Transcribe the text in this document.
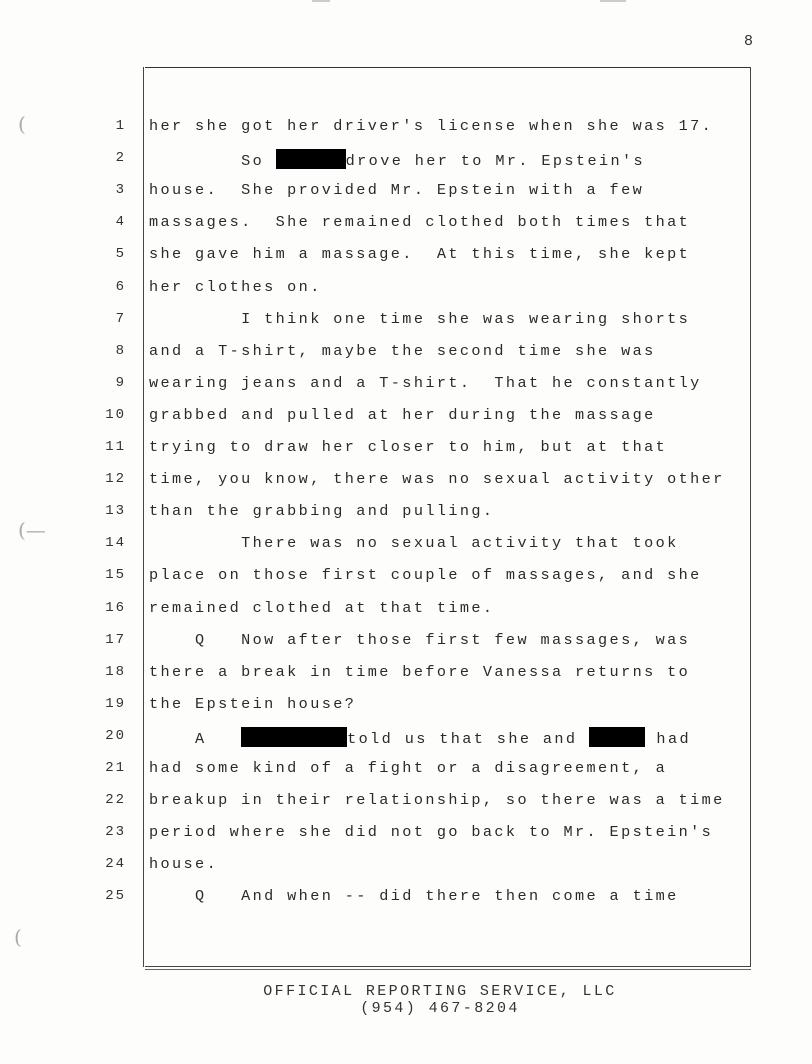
8
(
(—
(
1 her she got her driver's license when she was 17.
2 So	drove her to Mr. Epstein's
3 house.  She provided Mr. Epstein with a few
4 massages.  She remained clothed both times that
5 she gave him a massage.  At this time, she kept
6 her clothes on.
7 I think one time she was wearing shorts
8 and a T-shirt, maybe the second time she was
9 wearing jeans and a T-shirt.  That he constantly
10 grabbed and pulled at her during the massage
11 trying to draw her closer to him, but at that
12 time, you know, there was no sexual activity other
13 than the grabbing and pulling.
14 There was no sexual activity that took
15 place on those first couple of massages, and she
16 remained clothed at that time.
17 Q   Now after those first few massages, was
18 there a break in time before Vanessa returns to
19 the Epstein house?
20 A	told us that she and	had
21 had some kind of a fight or a disagreement, a
22 breakup in their relationship, so there was a time
23 period where she did not go back to Mr. Epstein's
24 house.
25 Q   And when -- did there then come a time
OFFICIAL REPORTING SERVICE, LLC
(954) 467-8204
